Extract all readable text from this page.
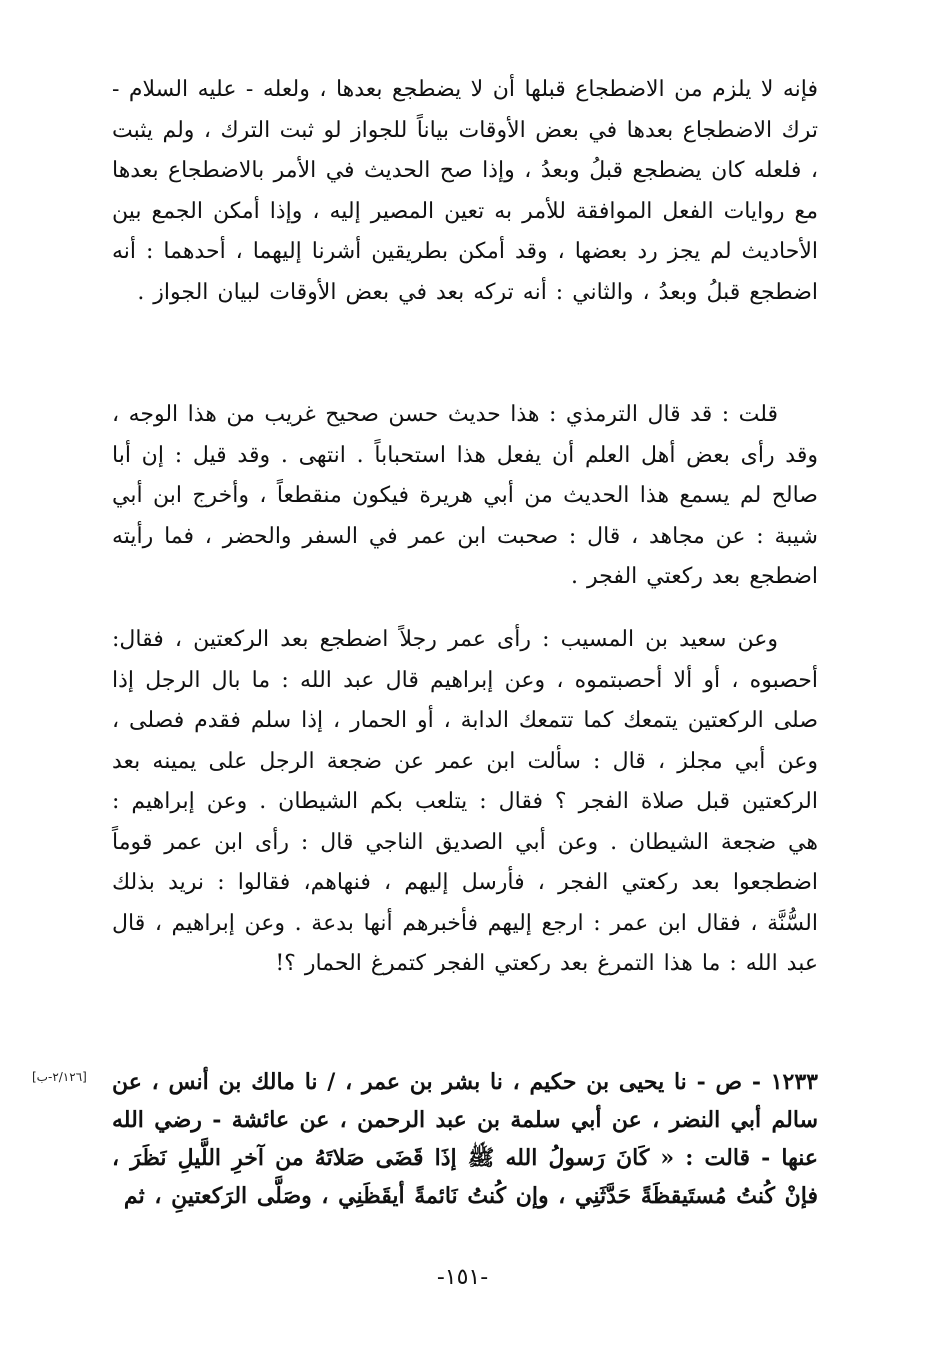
فإنه لا يلزم من الاضطجاع قبلها أن لا يضطجع بعدها ، ولعله - عليه السلام - ترك الاضطجاع بعدها في بعض الأوقات بياناً للجواز لو ثبت الترك ، ولم يثبت ، فلعله كان يضطجع قبلُ وبعدُ ، وإذا صح الحديث في الأمر بالاضطجاع بعدها مع روايات الفعل الموافقة للأمر به تعين المصير إليه ، وإذا أمكن الجمع بين الأحاديث لم يجز رد بعضها ، وقد أمكن بطريقين أشرنا إليهما ، أحدهما : أنه اضطجع قبلُ وبعدُ ، والثاني : أنه تركه بعد في بعض الأوقات لبيان الجواز .
قلت : قد قال الترمذي : هذا حديث حسن صحيح غريب من هذا الوجه ، وقد رأى بعض أهل العلم أن يفعل هذا استحباباً . انتهى . وقد قيل : إن أبا صالح لم يسمع هذا الحديث من أبي هريرة فيكون منقطعاً ، وأخرج ابن أبي شيبة : عن مجاهد ، قال : صحبت ابن عمر في السفر والحضر ، فما رأيته اضطجع بعد ركعتي الفجر .
وعن سعيد بن المسيب : رأى عمر رجلاً اضطجع بعد الركعتين ، فقال: أحصبوه ، أو ألا أحصبتموه ، وعن إبراهيم قال عبد الله : ما بال الرجل إذا صلى الركعتين يتمعك كما تتمعك الدابة ، أو الحمار ، إذا سلم فقدم فصلى ، وعن أبي مجلز ، قال : سألت ابن عمر عن ضجعة الرجل على يمينه بعد الركعتين قبل صلاة الفجر ؟ فقال : يتلعب بكم الشيطان . وعن إبراهيم : هي ضجعة الشيطان . وعن أبي الصديق الناجي قال : رأى ابن عمر قوماً اضطجعوا بعد ركعتي الفجر ، فأرسل إليهم ، فنهاهم، فقالوا : نريد بذلك السُّنَّة ، فقال ابن عمر : ارجع إليهم فأخبرهم أنها بدعة . وعن إبراهيم ، قال عبد الله : ما هذا التمرغ بعد ركعتي الفجر كتمرغ الحمار ؟!
[٢/١٢٦-ب] ١٢٣٣ - ص - نا يحيى بن حكيم ، نا بشر بن عمر ، / نا مالك بن أنس ، عن سالم أبي النضر ، عن أبي سلمة بن عبد الرحمن ، عن عائشة - رضي الله عنها - قالت : « كَانَ رَسولُ الله ﷺ إذَا قَضَى صَلاتَهُ من آخرِ اللَّيلِ نَظَرَ ، فإنْ كُنتُ مُستَيقظَةً حَدَّثَنِي ، وإن كُنتُ نَائمةً أيقَظَنِي ، وصَلَّى الرَكعتينِ ، ثم
-١٥١-
